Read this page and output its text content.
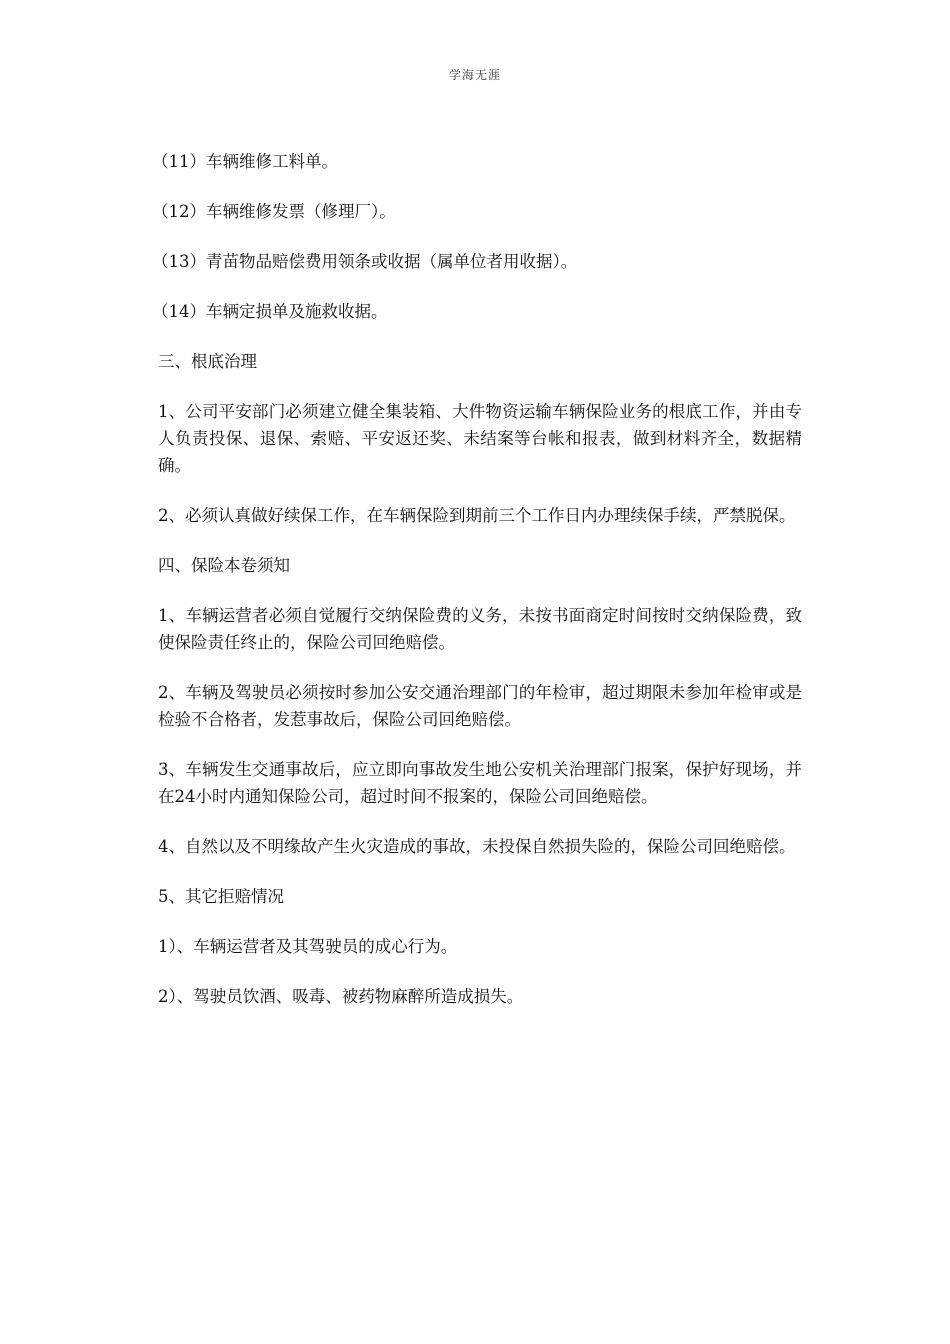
学海无涯

（11）车辆维修工料单。

（12）车辆维修发票（修理厂）。

（13）青苗物品赔偿费用领条或收据（属单位者用收据）。

（14）车辆定损单及施救收据。

三、根底治理

1、公司平安部门必须建立健全集装箱、大件物资运输车辆保险业务的根底工作，并由专人负责投保、退保、索赔、平安返还奖、未结案等台帐和报表，做到材料齐全，数据精确。

2、必须认真做好续保工作，在车辆保险到期前三个工作日内办理续保手续，严禁脱保。

四、保险本卷须知

1、车辆运营者必须自觉履行交纳保险费的义务，未按书面商定时间按时交纳保险费，致使保险责任终止的，保险公司回绝赔偿。

2、车辆及驾驶员必须按时参加公安交通治理部门的年检审，超过期限未参加年检审或是检验不合格者，发惹事故后，保险公司回绝赔偿。

3、车辆发生交通事故后，应立即向事故发生地公安机关治理部门报案，保护好现场，并在24小时内通知保险公司，超过时间不报案的，保险公司回绝赔偿。

4、自然以及不明缘故产生火灾造成的事故，未投保自然损失险的，保险公司回绝赔偿。

5、其它拒赔情况

1）、车辆运营者及其驾驶员的成心行为。

2）、驾驶员饮酒、吸毒、被药物麻醉所造成损失。
